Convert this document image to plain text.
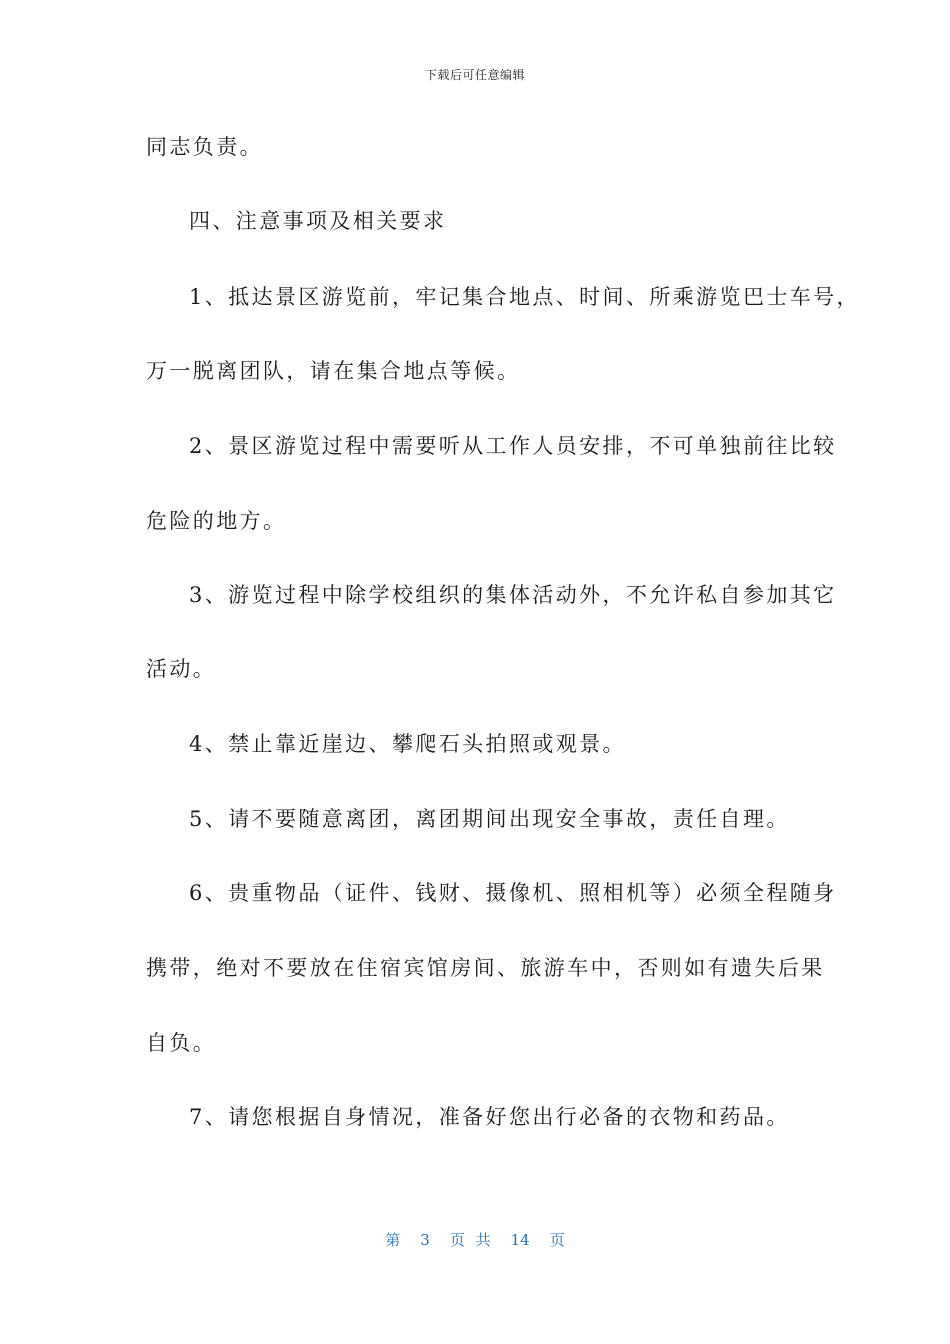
下载后可任意编辑
同志负责。
四、注意事项及相关要求
1、抵达景区游览前，牢记集合地点、时间、所乘游览巴士车号，
万一脱离团队，请在集合地点等候。
2、景区游览过程中需要听从工作人员安排，不可单独前往比较
危险的地方。
3、游览过程中除学校组织的集体活动外，不允许私自参加其它
活动。
4、禁止靠近崖边、攀爬石头拍照或观景。
5、请不要随意离团，离团期间出现安全事故，责任自理。
6、贵重物品（证件、钱财、摄像机、照相机等）必须全程随身
携带，绝对不要放在住宿宾馆房间、旅游车中，否则如有遗失后果
自负。
7、请您根据自身情况，准备好您出行必备的衣物和药品。
第 3 页 共 14 页
